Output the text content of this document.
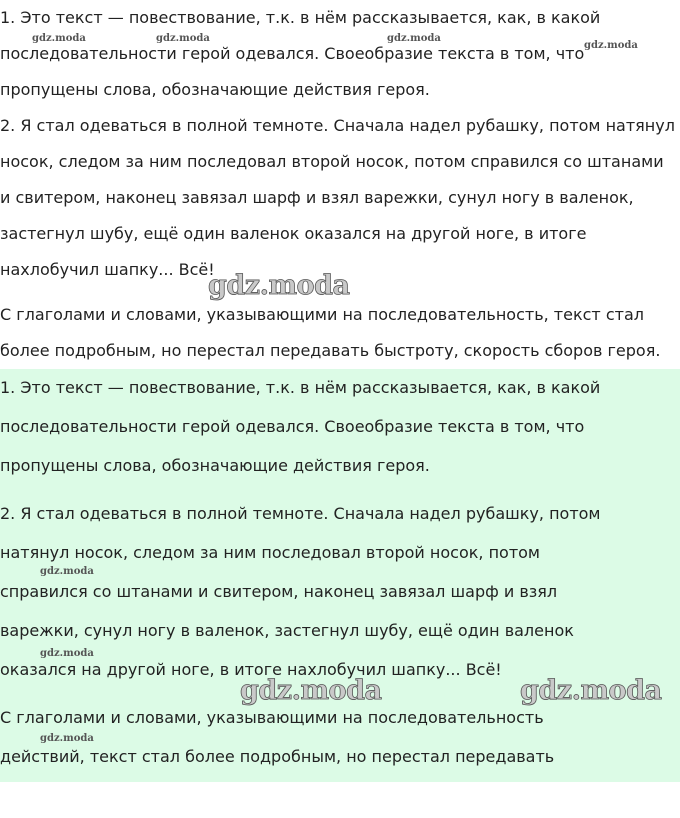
1. Это текст — повествование, т.к. в нём рассказывается, как, в какой

последовательности герой одевался. Своеобразие текста в том, что

пропущены слова, обозначающие действия героя.

2. Я стал одеваться в полной темноте. Сначала надел рубашку, потом натянул

носок, следом за ним последовал второй носок, потом справился со штанами

и свитером, наконец завязал шарф и взял варежки, сунул ногу в валенок,

застегнул шубу, ещё один валенок оказался на другой ноге, в итоге

нахлобучил шапку... Всё!

С глаголами и словами, указывающими на последовательность, текст стал

более подробным, но перестал передавать быстроту, скорость сборов героя.

1. Это текст — повествование, т.к. в нём рассказывается, как, в какой

последовательности герой одевался. Своеобразие текста в том, что

пропущены слова, обозначающие действия героя.

2. Я стал одеваться в полной темноте. Сначала надел рубашку, потом

натянул носок, следом за ним последовал второй носок, потом

справился со штанами и свитером, наконец завязал шарф и взял

варежки, сунул ногу в валенок, застегнул шубу, ещё один валенок

оказался на другой ноге, в итоге нахлобучил шапку... Всё!

С глаголами и словами, указывающими на последовательность

действий, текст стал более подробным, но перестал передавать

gdz.moda	gdz.moda	gdz.moda
gdz.moda
gdz.moda
gdz.moda
gdz.moda
gdz.moda	gdz.moda
gdz.moda
